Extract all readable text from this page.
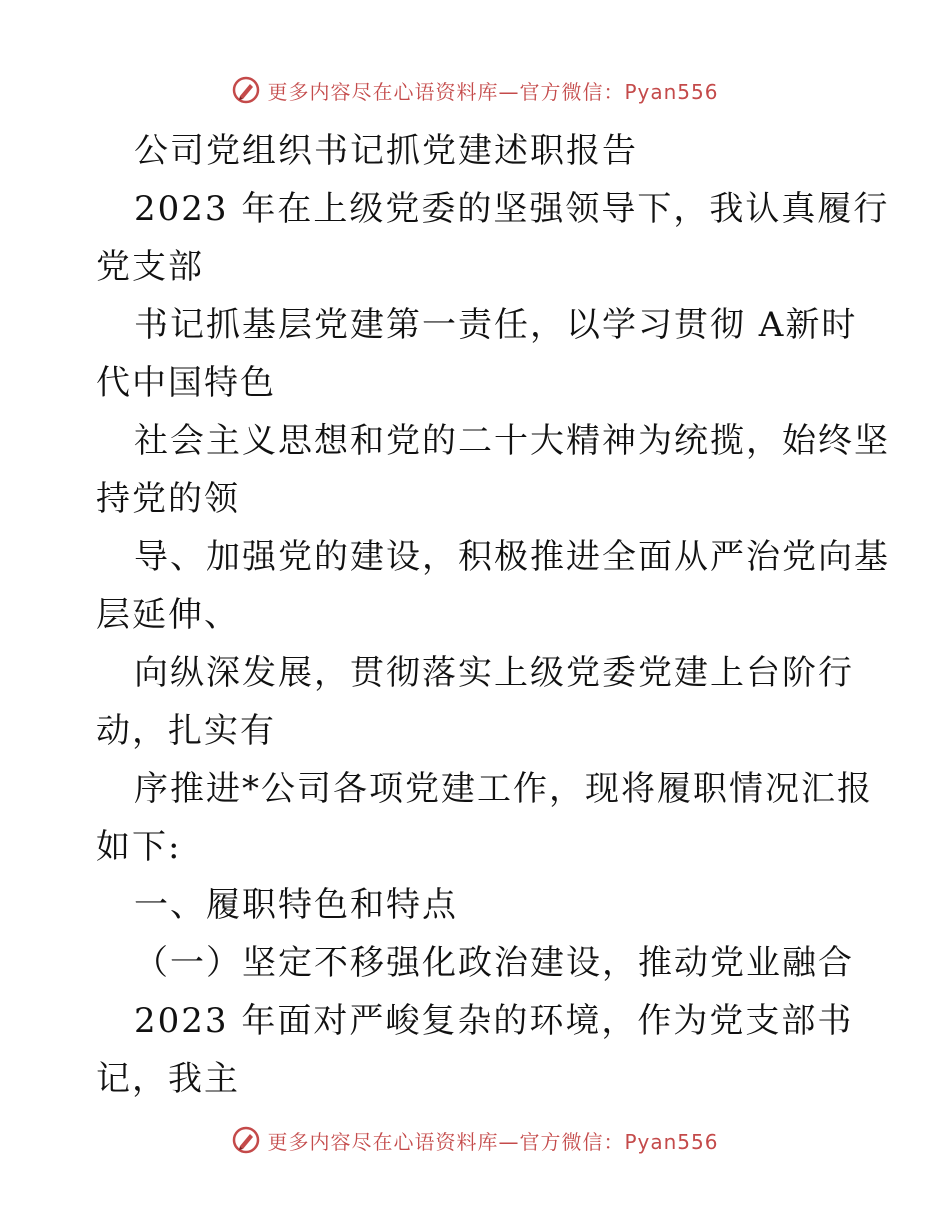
更多内容尽在心语资料库—官方微信：Pyan556
公司党组织书记抓党建述职报告
2023 年在上级党委的坚强领导下，我认真履行
党支部
书记抓基层党建第一责任，以学习贯彻 A新时
代中国特色
社会主义思想和党的二十大精神为统揽，始终坚
持党的领
导、加强党的建设，积极推进全面从严治党向基
层延伸、
向纵深发展，贯彻落实上级党委党建上台阶行
动，扎实有
序推进*公司各项党建工作，现将履职情况汇报
如下:
一、履职特色和特点
（一）坚定不移强化政治建设，推动党业融合
2023 年面对严峻复杂的环境，作为党支部书
记，我主
更多内容尽在心语资料库—官方微信：Pyan556
